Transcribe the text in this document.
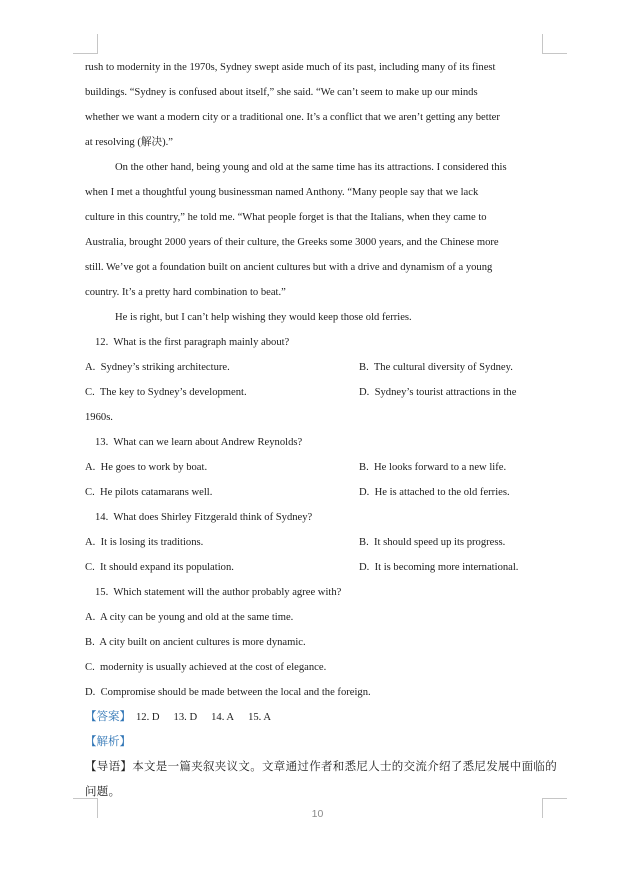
rush to modernity in the 1970s, Sydney swept aside much of its past, including many of its finest
buildings. “Sydney is confused about itself,” she said. “We can’t seem to make up our minds
whether we want a modern city or a traditional one. It’s a conflict that we aren’t getting any better
at resolving (解决).”
On the other hand, being young and old at the same time has its attractions. I considered this
when I met a thoughtful young businessman named Anthony. “Many people say that we lack
culture in this country,” he told me. “What people forget is that the Italians, when they came to
Australia, brought 2000 years of their culture, the Greeks some 3000 years, and the Chinese more
still. We’ve got a foundation built on ancient cultures but with a drive and dynamism of a young
country. It’s a pretty hard combination to beat.”
He is right, but I can’t help wishing they would keep those old ferries.
12.  What is the first paragraph mainly about?
A.  Sydney’s striking architecture.	B.  The cultural diversity of Sydney.
C.  The key to Sydney’s development.	D.  Sydney’s tourist attractions in the
1960s.
13.  What can we learn about Andrew Reynolds?
A.  He goes to work by boat.	B.  He looks forward to a new life.
C.  He pilots catamarans well.	D.  He is attached to the old ferries.
14.  What does Shirley Fitzgerald think of Sydney?
A.  It is losing its traditions.	B.  It should speed up its progress.
C.  It should expand its population.	D.  It is becoming more international.
15.  Which statement will the author probably agree with?
A.  A city can be young and old at the same time.
B.  A city built on ancient cultures is more dynamic.
C.  modernity is usually achieved at the cost of elegance.
D.  Compromise should be made between the local and the foreign.
【答案】 12. D 13. D 14. A 15. A
【解析】
【导语】本文是一篇夹叙夹议文。文章通过作者和悉尼人士的交流介绍了悉尼发展中面临的
问题。
10
